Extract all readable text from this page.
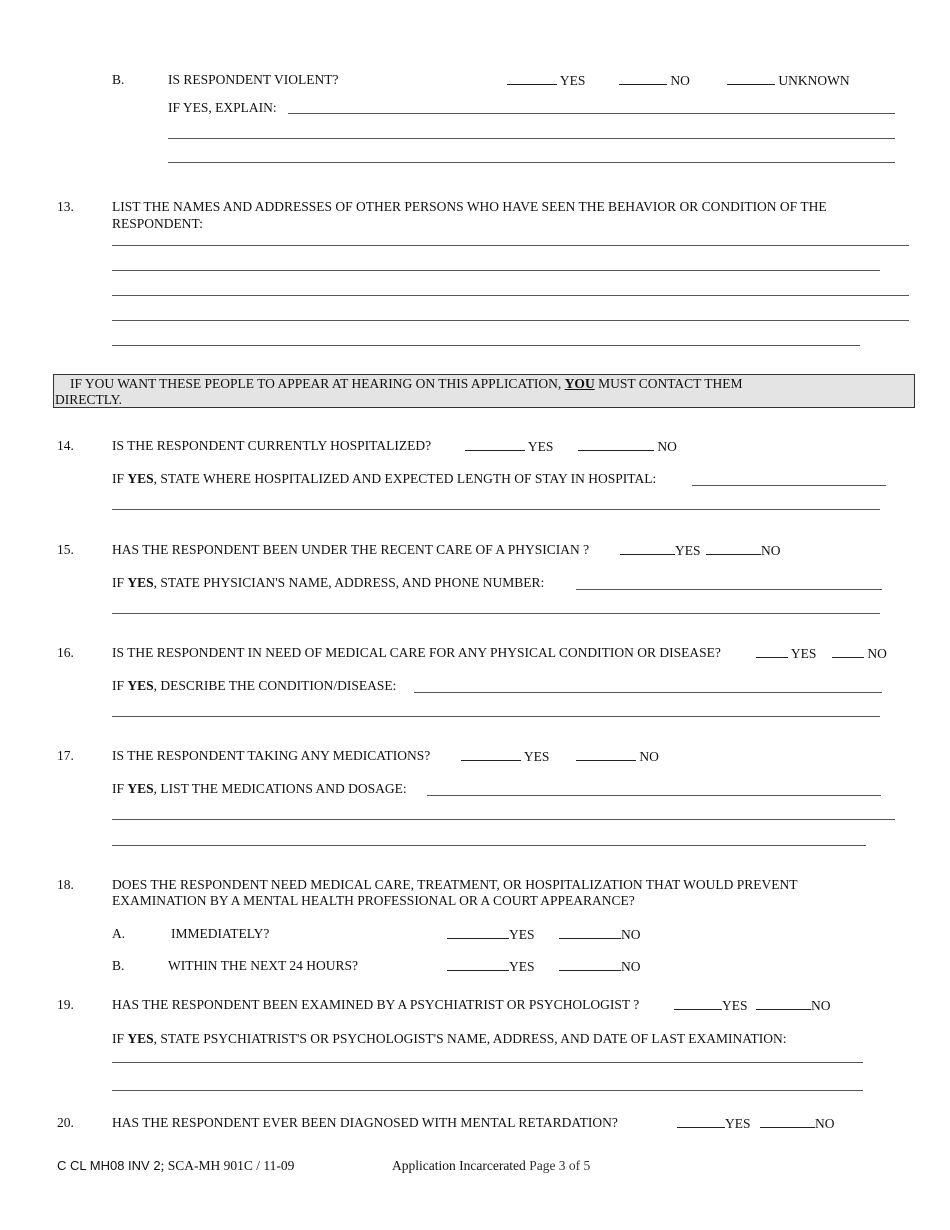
B.	IS RESPONDENT VIOLENT?	YES	NO	UNKNOWN
IF YES, EXPLAIN:
13.	LIST THE NAMES AND ADDRESSES OF OTHER PERSONS WHO HAVE SEEN THE BEHAVIOR OR CONDITION OF THE
RESPONDENT:
IF YOU WANT THESE PEOPLE TO APPEAR AT HEARING ON THIS APPLICATION, YOU MUST CONTACT THEM
DIRECTLY.
14.	IS THE RESPONDENT CURRENTLY HOSPITALIZED?	YES	NO
IF YES, STATE WHERE HOSPITALIZED AND EXPECTED LENGTH OF STAY IN HOSPITAL:
15.	HAS THE RESPONDENT BEEN UNDER THE RECENT CARE OF A PHYSICIAN ?	YES	NO
IF YES, STATE PHYSICIAN'S NAME, ADDRESS, AND PHONE NUMBER:
16.	IS THE RESPONDENT IN NEED OF MEDICAL CARE FOR ANY PHYSICAL CONDITION OR DISEASE?	YES	NO
IF YES, DESCRIBE THE CONDITION/DISEASE:
17.	IS THE RESPONDENT TAKING ANY MEDICATIONS?	YES	NO
IF YES, LIST THE MEDICATIONS AND DOSAGE:
18.	DOES THE RESPONDENT NEED MEDICAL CARE, TREATMENT, OR HOSPITALIZATION THAT WOULD PREVENT
EXAMINATION BY A MENTAL HEALTH PROFESSIONAL OR A COURT APPEARANCE?
A.	IMMEDIATELY?	YES	NO
B.	WITHIN THE NEXT 24 HOURS?	YES	NO
19.	HAS THE RESPONDENT BEEN EXAMINED BY A PSYCHIATRIST OR PSYCHOLOGIST ?	YES	NO
IF YES, STATE PSYCHIATRIST'S OR PSYCHOLOGIST'S NAME, ADDRESS, AND DATE OF LAST EXAMINATION:
20.	HAS THE RESPONDENT EVER BEEN DIAGNOSED WITH MENTAL RETARDATION?	YES	NO
C CL MH08 INV 2; SCA-MH 901C / 11-09	Application Incarcerated Page 3 of 5
